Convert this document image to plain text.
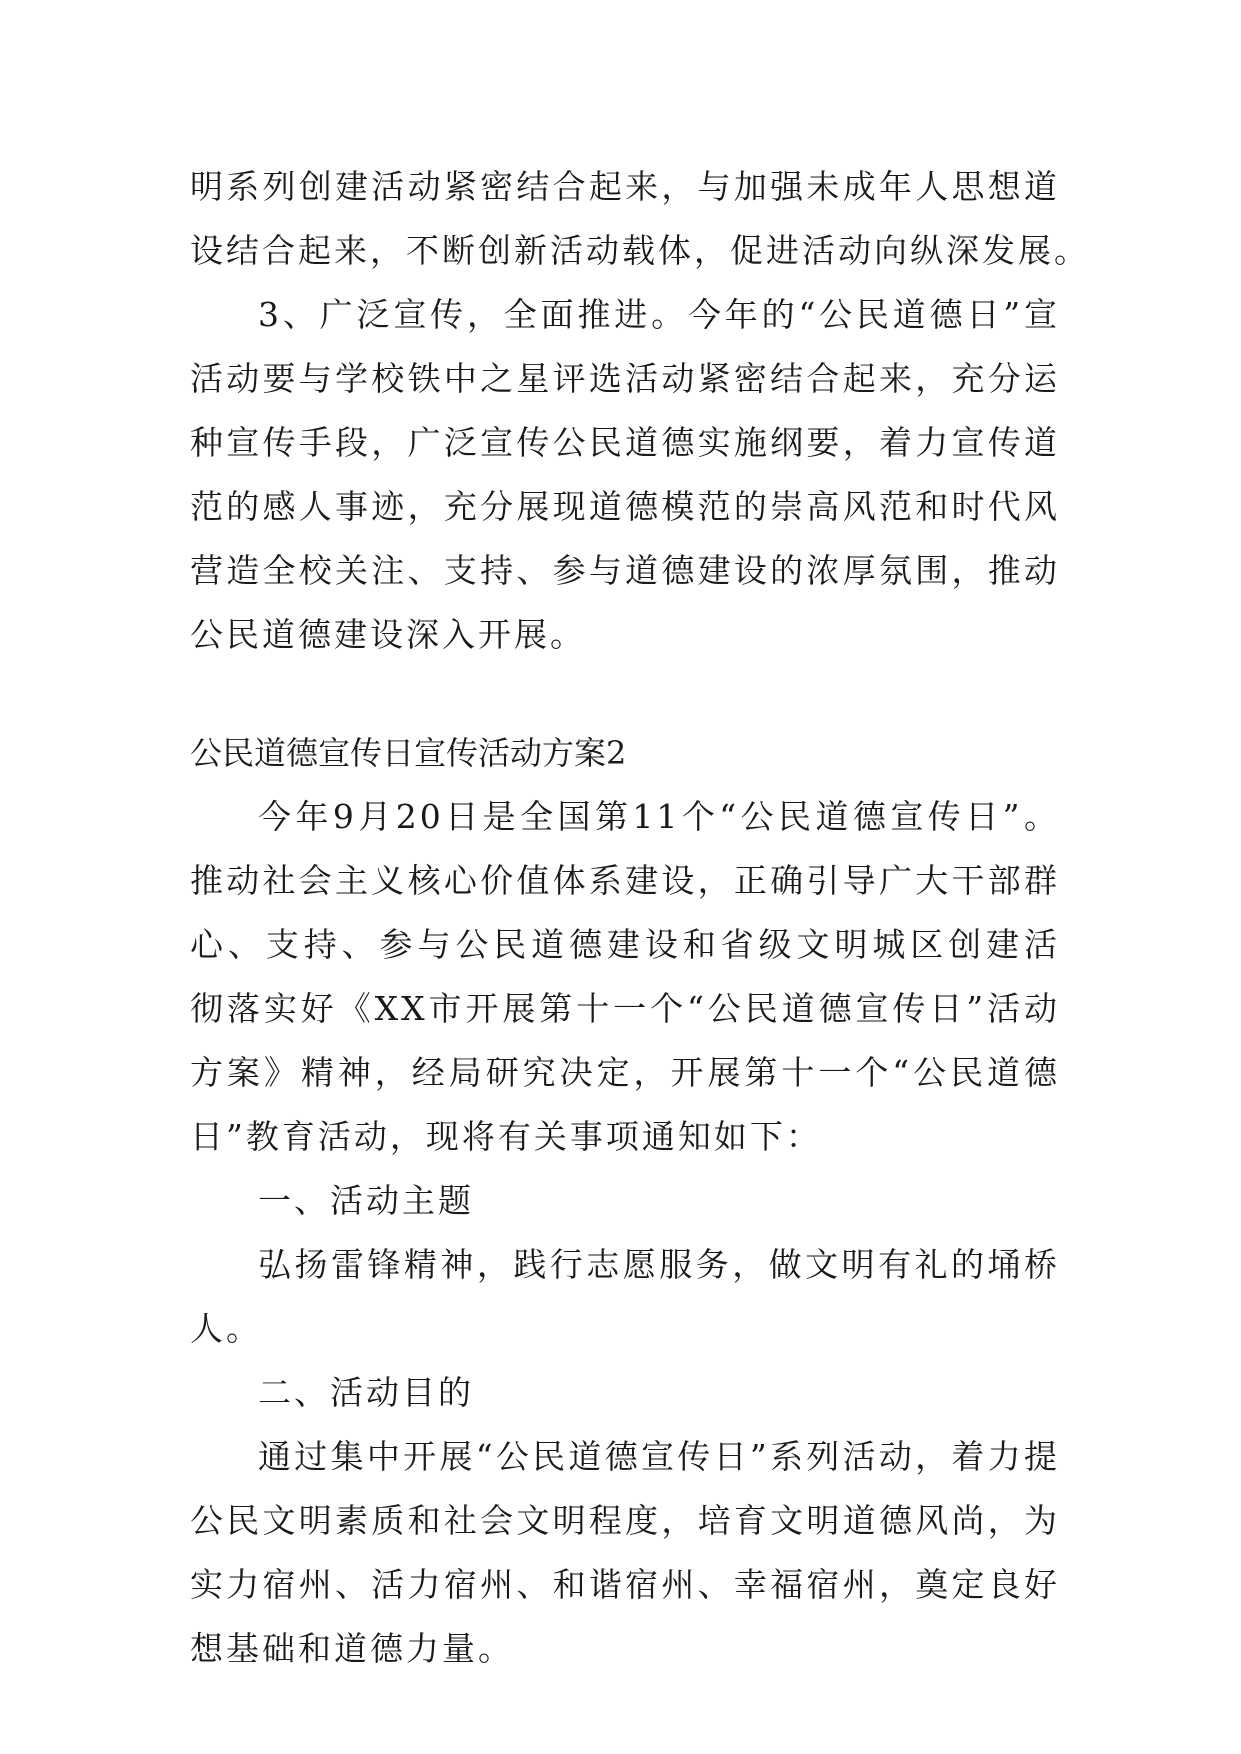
明系列创建活动紧密结合起来，与加强未成年人思想道
设结合起来，不断创新活动载体，促进活动向纵深发展。
3、广泛宣传，全面推进。今年的“公民道德日”宣
活动要与学校铁中之星评选活动紧密结合起来，充分运
种宣传手段，广泛宣传公民道德实施纲要，着力宣传道
范的感人事迹，充分展现道德模范的崇高风范和时代风
营造全校关注、支持、参与道德建设的浓厚氛围，推动
公民道德建设深入开展。
公民道德宣传日宣传活动方案2
今年9月20日是全国第11个“公民道德宣传日”。
推动社会主义核心价值体系建设，正确引导广大干部群
心、支持、参与公民道德建设和省级文明城区创建活
彻落实好《XX市开展第十一个“公民道德宣传日”活动
方案》精神，经局研究决定，开展第十一个“公民道德
日”教育活动，现将有关事项通知如下：
一、活动主题
弘扬雷锋精神，践行志愿服务，做文明有礼的埇桥
人。
二、活动目的
通过集中开展“公民道德宣传日”系列活动，着力提
公民文明素质和社会文明程度，培育文明道德风尚，为
实力宿州、活力宿州、和谐宿州、幸福宿州，奠定良好
想基础和道德力量。
